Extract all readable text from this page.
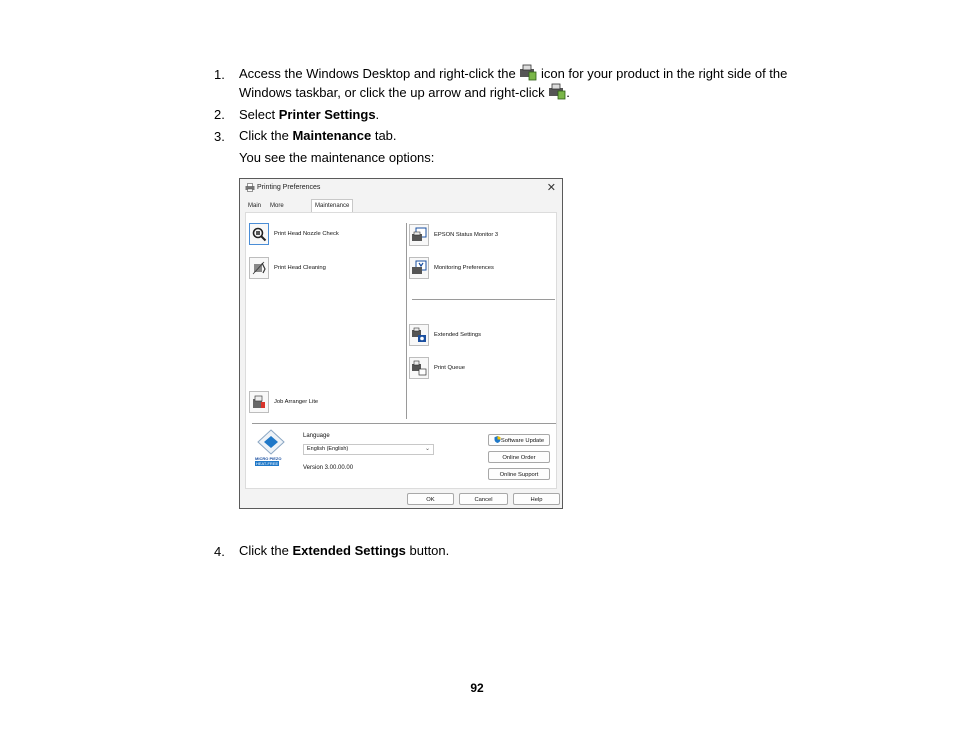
1. Access the Windows Desktop and right-click the  icon for your product in the right side of the
Windows taskbar, or click the up arrow and right-click .
2. Select Printer Settings.
3. Click the Maintenance tab.
You see the maintenance options:
Printing Preferences	✕
Main	More	Maintenance
Print Head Nozzle Check
Print Head Cleaning
Job Arranger Lite
EPSON Status Monitor 3
Monitoring Preferences
Extended Settings
Print Queue
MICRO PIEZO
HEAT-FREE
Language
English (English)	⌄
Version 3.00.00.00
Software Update
Online Order
Online Support
OK	Cancel	Help
4. Click the Extended Settings button.
92
